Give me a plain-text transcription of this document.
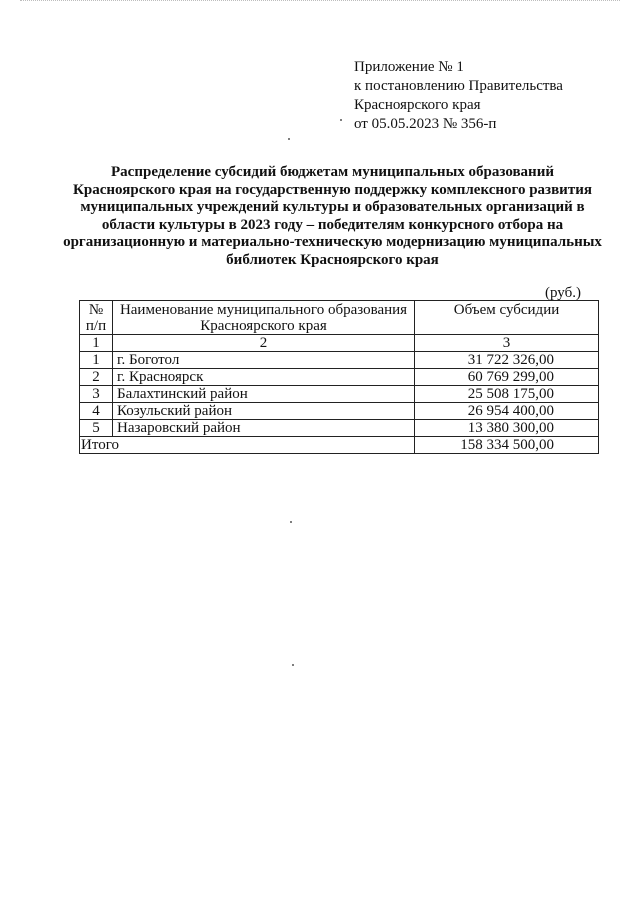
Приложение № 1
к постановлению Правительства
Красноярского края
от 05.05.2023 № 356-п
Распределение субсидий бюджетам муниципальных образований Красноярского края на государственную поддержку комплексного развития муниципальных учреждений культуры и образовательных организаций в области культуры в 2023 году – победителям конкурсного отбора на организационную и материально-техническую модернизацию муниципальных библиотек Красноярского края
(руб.)
№ п/п	Наименование муниципального образования Красноярского края	Объем субсидии
1	2	3
1	г. Боготол	31 722 326,00
2	г. Красноярск	60 769 299,00
3	Балахтинский район	25 508 175,00
4	Козульский район	26 954 400,00
5	Назаровский район	13 380 300,00
Итого		158 334 500,00
